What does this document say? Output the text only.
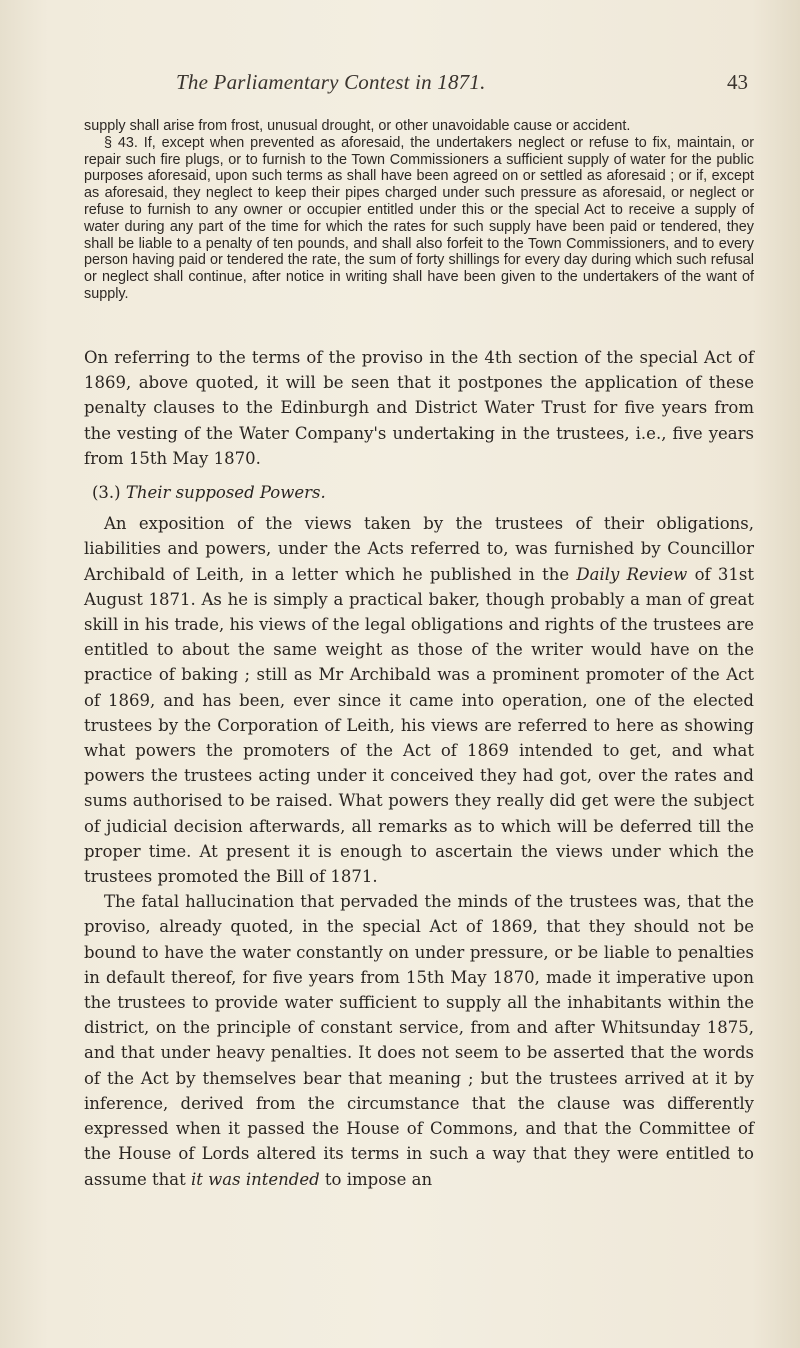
The Parliamentary Contest in 1871.	43

supply shall arise from frost, unusual drought, or other unavoidable cause or accident.

§ 43. If, except when prevented as aforesaid, the undertakers neglect or refuse to fix, maintain, or repair such fire plugs, or to furnish to the Town Commissioners a sufficient supply of water for the public purposes aforesaid, upon such terms as shall have been agreed on or settled as aforesaid ; or if, except as aforesaid, they neglect to keep their pipes charged under such pressure as aforesaid, or neglect or refuse to furnish to any owner or occupier entitled under this or the special Act to receive a supply of water during any part of the time for which the rates for such supply have been paid or tendered, they shall be liable to a penalty of ten pounds, and shall also forfeit to the Town Commissioners, and to every person having paid or tendered the rate, the sum of forty shillings for every day during which such refusal or neglect shall continue, after notice in writing shall have been given to the undertakers of the want of supply.

On referring to the terms of the proviso in the 4th section of the special Act of 1869, above quoted, it will be seen that it postpones the application of these penalty clauses to the Edinburgh and District Water Trust for five years from the vesting of the Water Company's undertaking in the trustees, i.e., five years from 15th May 1870.

(3.) Their supposed Powers.

An exposition of the views taken by the trustees of their obligations, liabilities and powers, under the Acts referred to, was furnished by Councillor Archibald of Leith, in a letter which he published in the Daily Review of 31st August 1871. As he is simply a practical baker, though probably a man of great skill in his trade, his views of the legal obligations and rights of the trustees are entitled to about the same weight as those of the writer would have on the practice of baking ; still as Mr Archibald was a prominent promoter of the Act of 1869, and has been, ever since it came into operation, one of the elected trustees by the Corporation of Leith, his views are referred to here as showing what powers the promoters of the Act of 1869 intended to get, and what powers the trustees acting under it conceived they had got, over the rates and sums authorised to be raised. What powers they really did get were the subject of judicial decision afterwards, all remarks as to which will be deferred till the proper time. At present it is enough to ascertain the views under which the trustees promoted the Bill of 1871.

The fatal hallucination that pervaded the minds of the trustees was, that the proviso, already quoted, in the special Act of 1869, that they should not be bound to have the water constantly on under pressure, or be liable to penalties in default thereof, for five years from 15th May 1870, made it imperative upon the trustees to provide water sufficient to supply all the inhabitants within the district, on the principle of constant service, from and after Whitsunday 1875, and that under heavy penalties. It does not seem to be asserted that the words of the Act by themselves bear that meaning ; but the trustees arrived at it by inference, derived from the circumstance that the clause was differently expressed when it passed the House of Commons, and that the Committee of the House of Lords altered its terms in such a way that they were entitled to assume that it was intended to impose an
